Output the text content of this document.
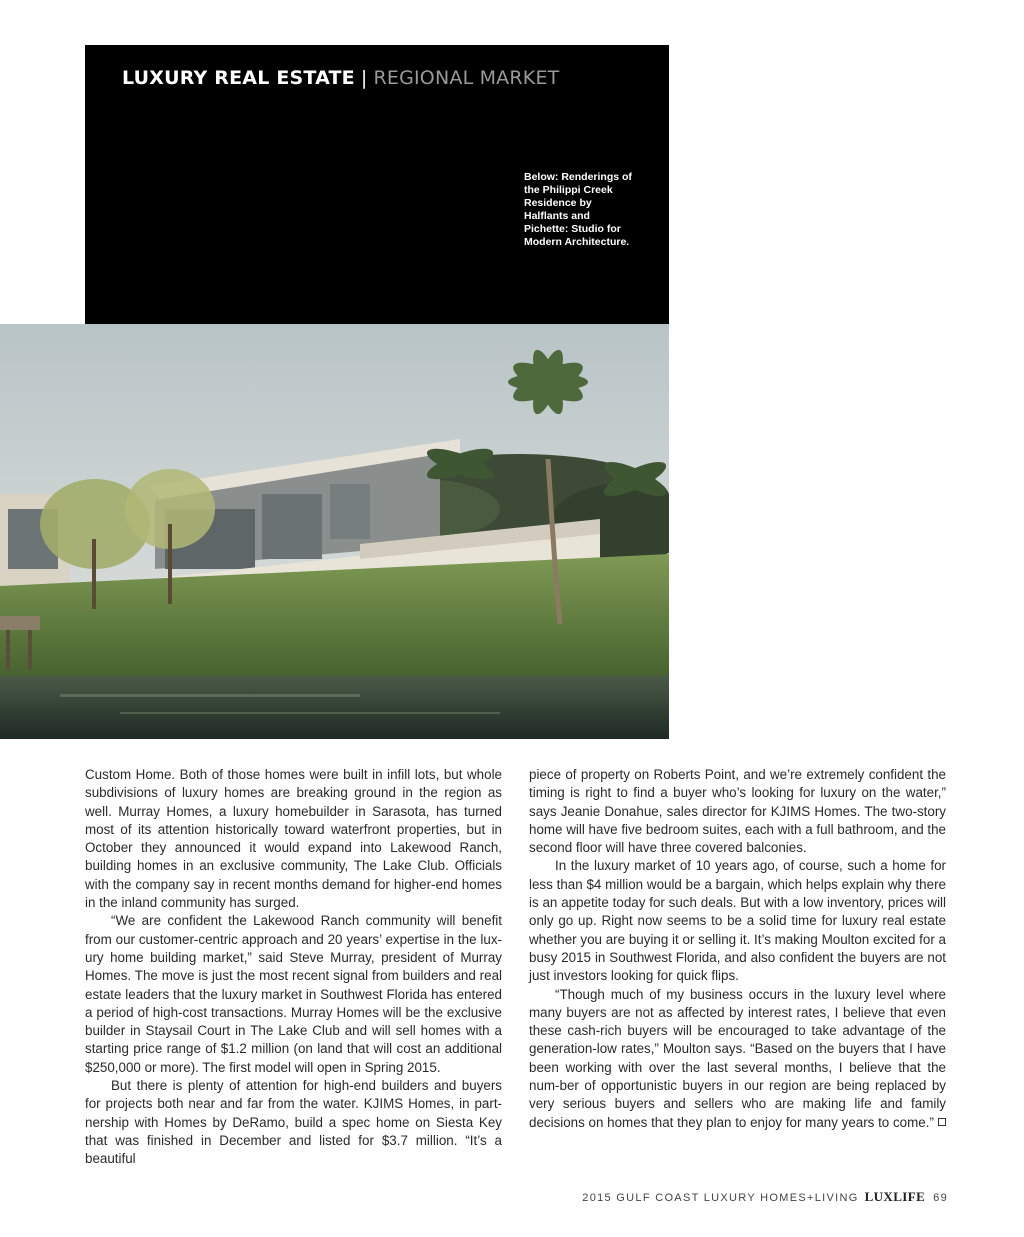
LUXURY REAL ESTATE | REGIONAL MARKET
Below: Renderings of the Philippi Creek Residence by Halflants and Pichette: Studio for Modern Architecture.

Custom Home. Both of those homes were built in infill lots, but whole subdivisions of luxury homes are breaking ground in the region as well. Murray Homes, a luxury homebuilder in Sarasota, has turned most of its attention historically toward waterfront properties, but in October they announced it would expand into Lakewood Ranch, building homes in an exclusive community, The Lake Club. Officials with the company say in recent months demand for higher-end homes in the inland community has surged.

“We are confident the Lakewood Ranch community will benefit from our customer-centric approach and 20 years’ expertise in the lux-ury home building market,” said Steve Murray, president of Murray Homes. The move is just the most recent signal from builders and real estate leaders that the luxury market in Southwest Florida has entered a period of high-cost transactions. Murray Homes will be the exclusive builder in Staysail Court in The Lake Club and will sell homes with a starting price range of $1.2 million (on land that will cost an additional $250,000 or more). The first model will open in Spring 2015.

But there is plenty of attention for high-end builders and buyers for projects both near and far from the water. KJIMS Homes, in part-nership with Homes by DeRamo, build a spec home on Siesta Key that was finished in December and listed for $3.7 million. “It’s a beautiful

piece of property on Roberts Point, and we’re extremely confident the timing is right to find a buyer who’s looking for luxury on the water,” says Jeanie Donahue, sales director for KJIMS Homes. The two-story home will have five bedroom suites, each with a full bathroom, and the second floor will have three covered balconies.

In the luxury market of 10 years ago, of course, such a home for less than $4 million would be a bargain, which helps explain why there is an appetite today for such deals. But with a low inventory, prices will only go up. Right now seems to be a solid time for luxury real estate whether you are buying it or selling it. It’s making Moulton excited for a busy 2015 in Southwest Florida, and also confident the buyers are not just investors looking for quick flips.

“Though much of my business occurs in the luxury level where many buyers are not as affected by interest rates, I believe that even these cash-rich buyers will be encouraged to take advantage of the generation-low rates,” Moulton says. “Based on the buyers that I have been working with over the last several months, I believe that the num-ber of opportunistic buyers in our region are being replaced by very serious buyers and sellers who are making life and family decisions on homes that they plan to enjoy for many years to come.”

2015 GULF COAST LUXURY HOMES+LIVING LUXLIFE 69
